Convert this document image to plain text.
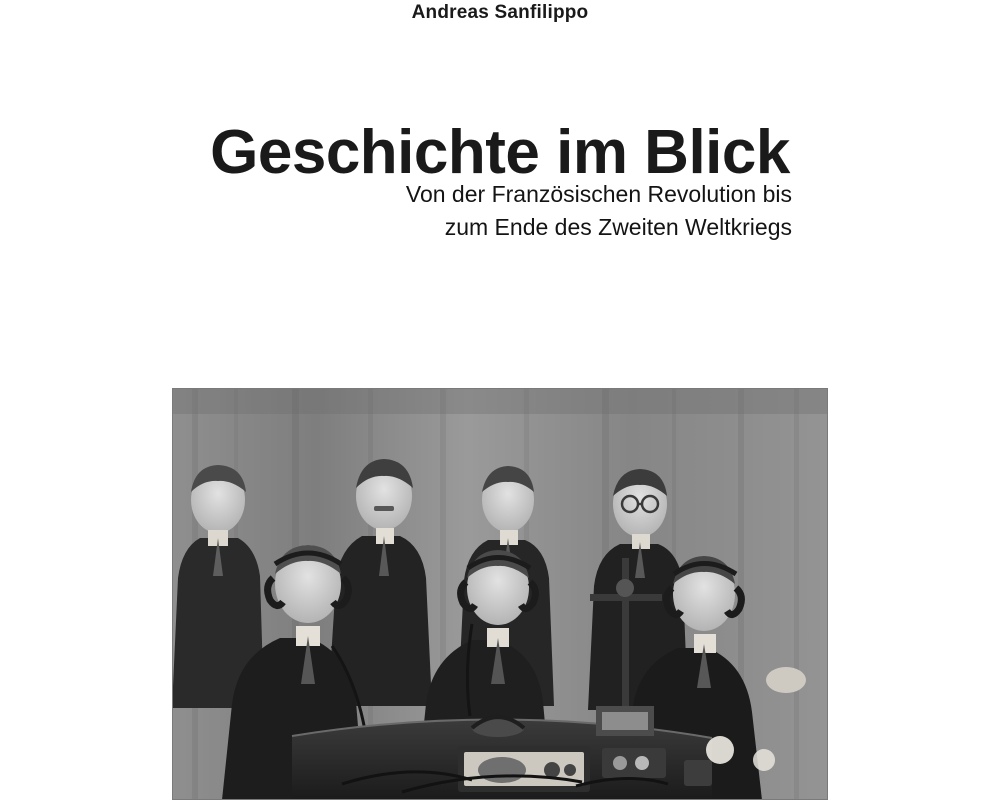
Andreas Sanfilippo
Geschichte im Blick
Von der Französischen Revolution bis
zum Ende des Zweiten Weltkriegs
